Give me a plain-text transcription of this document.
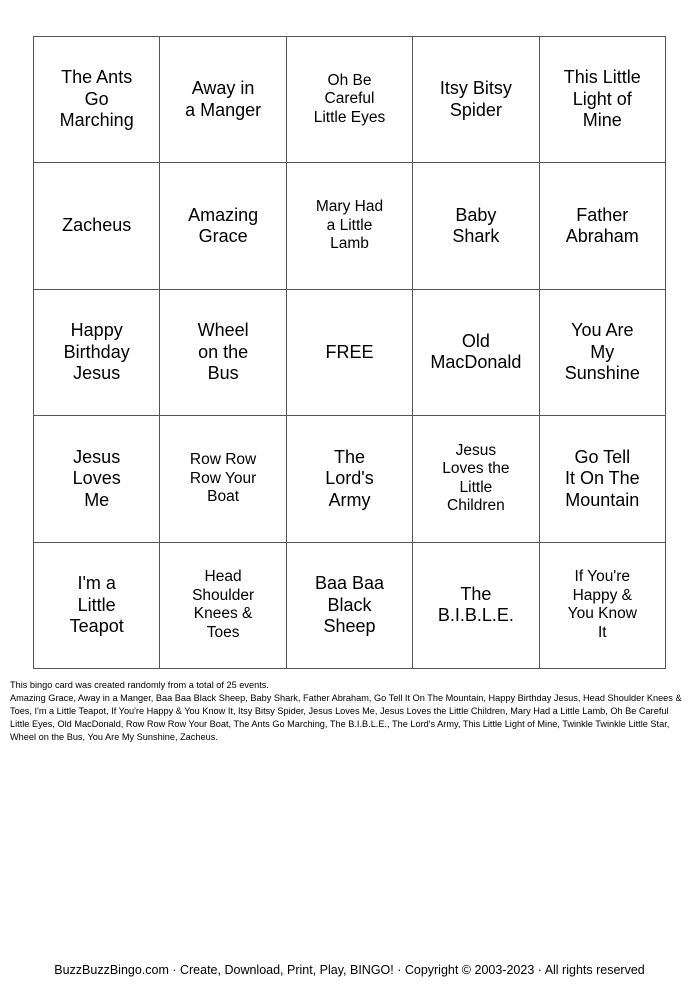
The Ants
Go
Marching
Away in
a Manger
Oh Be
Careful
Little Eyes
Itsy Bitsy
Spider
This Little
Light of
Mine
Zacheus
Amazing
Grace
Mary Had
a Little
Lamb
Baby
Shark
Father
Abraham
Happy
Birthday
Jesus
Wheel
on the
Bus
FREE
Old
MacDonald
You Are
My
Sunshine
Jesus
Loves
Me
Row Row
Row Your
Boat
The
Lord's
Army
Jesus
Loves the
Little
Children
Go Tell
It On The
Mountain
I'm a
Little
Teapot
Head
Shoulder
Knees &
Toes
Baa Baa
Black
Sheep
The
B.I.B.L.E.
If You're
Happy &
You Know
It
This bingo card was created randomly from a total of 25 events.
Amazing Grace, Away in a Manger, Baa Baa Black Sheep, Baby Shark, Father Abraham, Go Tell It On The Mountain, Happy Birthday Jesus, Head Shoulder Knees & Toes, I'm a Little Teapot, If You're Happy & You Know It, Itsy Bitsy Spider, Jesus Loves Me, Jesus Loves the Little Children, Mary Had a Little Lamb, Oh Be Careful Little Eyes, Old MacDonald, Row Row Row Your Boat, The Ants Go Marching, The B.I.B.L.E., The Lord's Army, This Little Light of Mine, Twinkle Twinkle Little Star, Wheel on the Bus, You Are My Sunshine, Zacheus.
BuzzBuzzBingo.com · Create, Download, Print, Play, BINGO! · Copyright © 2003-2023 · All rights reserved
